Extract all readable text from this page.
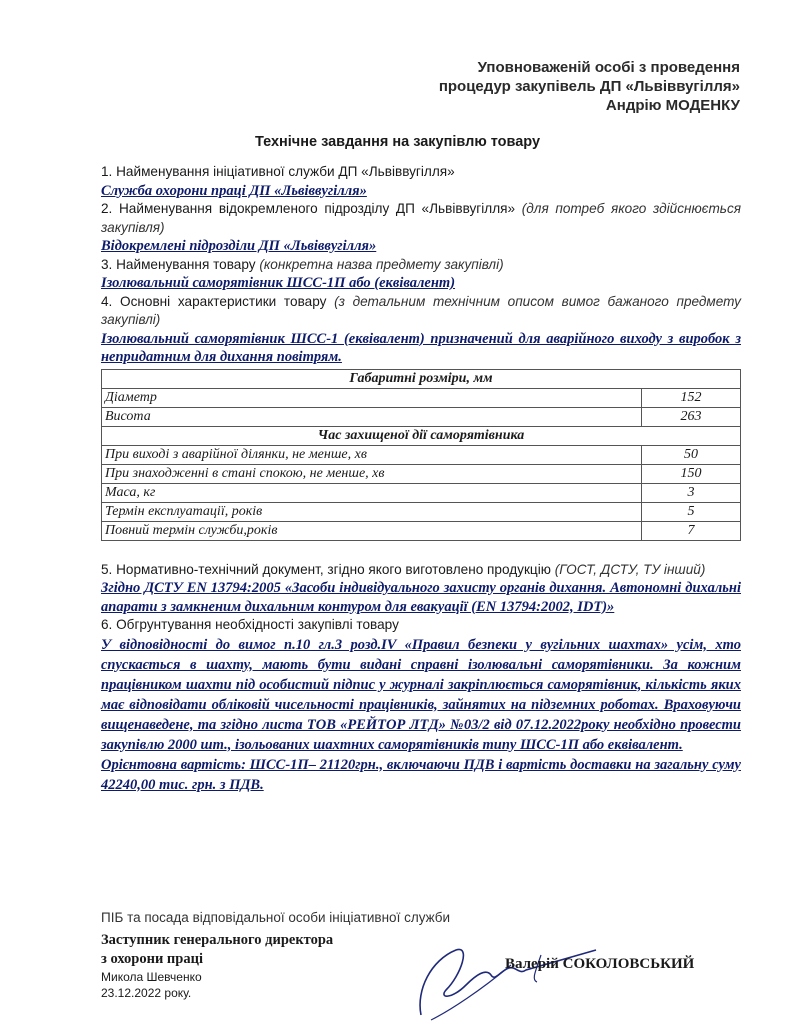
Уповноваженій особі з проведення
процедур закупівель ДП «Львіввугілля»
Андрію МОДЕНКУ
Технічне завдання на закупівлю товару

1. Найменування ініціативної служби ДП «Львіввугілля»

Служба охорони праці ДП «Львіввугілля»

2. Найменування відокремленого підрозділу ДП «Львіввугілля» (для потреб якого здійснюється закупівля)

Відокремлені підрозділи ДП «Львіввугілля»

3. Найменування товару (конкретна назва предмету закупівлі)

Ізолювальний саморятівник ШСС-1П або (еквівалент)

4. Основні характеристики товару (з детальним технічним описом вимог бажаного предмету закупівлі)

Ізолювальний саморятівник ШСС-1 (еквівалент) призначений для аварійного виходу з виробок з непридатним для дихання повітрям.

Габаритні розміри, мм	
Діаметр	152
Висота	263
Час захищеної дії саморятівника	
При виході з аварійної ділянки, не менше, хв	50
При знаходженні в стані спокою, не менше, хв	150
Маса, кг	3
Термін експлуатації, років	5
Повний термін служби,років	7

5. Нормативно-технічний документ, згідно якого виготовлено продукцію (ГОСТ, ДСТУ, ТУ інший)

Згідно ДСТУ EN 13794:2005 «Засоби індивідуального захисту органів дихання. Автономні дихальні апарати з замкненим дихальним контуром для евакуації (EN 13794:2002, IDT)»

6. Обгрунтування необхідності закупівлі товару

У відповідності до вимог п.10 гл.3 розд.IV «Правил безпеки у вугільних шахтах» усім, хто спускається в шахту, мають бути видані справні ізолювальні саморятівники. За кожним працівником шахти під особистий підпис у журналі закріплюється саморятівник, кількість яких має відповідати обліковій чисельності працівників, зайнятих на підземних роботах. Враховуючи вищенаведене, та згідно листа ТОВ «РЕЙТОР ЛТД» №03/2 від 07.12.2022року необхідно провести закупівлю 2000 шт., ізольованих шахтних саморятівників типу ШСС-1П або еквівалент.

Орієнтовна вартість: ШСС-1П– 21120грн., включаючи ПДВ і вартість доставки на загальну суму 42240,00 тис. грн. з ПДВ.

ПІБ та посада відповідальної особи ініціативної служби
Заступник генерального директора
з охорони праці
Микола Шевченко
23.12.2022 року.
Валерій СОКОЛОВСЬКИЙ
